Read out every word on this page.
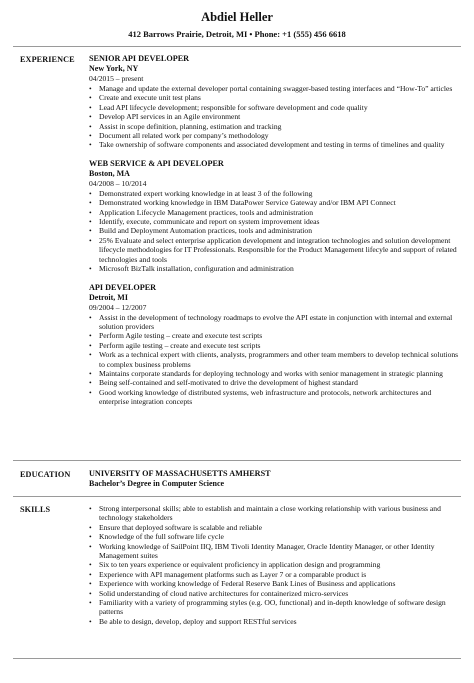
Abdiel Heller
412 Barrows Prairie, Detroit, MI • Phone: +1 (555) 456 6618
EXPERIENCE SENIOR API DEVELOPER
New York, NY
04/2015 – present
• Manage and update the external developer portal containing swagger-based testing interfaces and “How-To” articles
• Create and execute unit test plans
• Lead API lifecycle development; responsible for software development and code quality
• Develop API services in an Agile environment
• Assist in scope definition, planning, estimation and tracking
• Document all related work per company’s methodology
• Take ownership of software components and associated development and testing in terms of timelines and quality
WEB SERVICE & API DEVELOPER
Boston, MA
04/2008 – 10/2014
• Demonstrated expert working knowledge in at least 3 of the following
• Demonstrated working knowledge in IBM DataPower Service Gateway and/or IBM API Connect
• Application Lifecycle Management practices, tools and administration
• Identify, execute, communicate and report on system improvement ideas
• Build and Deployment Automation practices, tools and administration
• 25% Evaluate and select enterprise application development and integration technologies and solution development lifecycle methodologies for IT Professionals. Responsible for the Product Management lifecyle and support of related technologies and tools
• Microsoft BizTalk installation, configuration and administration
API DEVELOPER
Detroit, MI
09/2004 – 12/2007
• Assist in the development of technology roadmaps to evolve the API estate in conjunction with internal and external solution providers
• Perform Agile testing – create and execute test scripts
• Perform agile testing – create and execute test scripts
• Work as a technical expert with clients, analysts, programmers and other team members to develop technical solutions to complex business problems
• Maintains corporate standards for deploying technology and works with senior management in strategic planning
• Being self-contained and self-motivated to drive the development of highest standard
• Good working knowledge of distributed systems, web infrastructure and protocols, network architectures and enterprise integration concepts
EDUCATION UNIVERSITY OF MASSACHUSETTS AMHERST
Bachelor’s Degree in Computer Science
SKILLS
•	Strong interpersonal skills; able to establish and maintain a close working relationship with various business and technology stakeholders
• Ensure that deployed software is scalable and reliable
• Knowledge of the full software life cycle
• Working knowledge of SailPoint IIQ, IBM Tivoli Identity Manager, Oracle Identity Manager, or other Identity Management suites
• Six to ten years experience or equivalent proficiency in application design and programming
• Experience with API management platforms such as Layer 7 or a comparable product is
• Experience with working knowledge of Federal Reserve Bank Lines of Business and applications
• Solid understanding of cloud native architectures for containerized micro-services
• Familiarity with a variety of programming styles (e.g. OO, functional) and in-depth knowledge of software design patterns
• Be able to design, develop, deploy and support RESTful services
